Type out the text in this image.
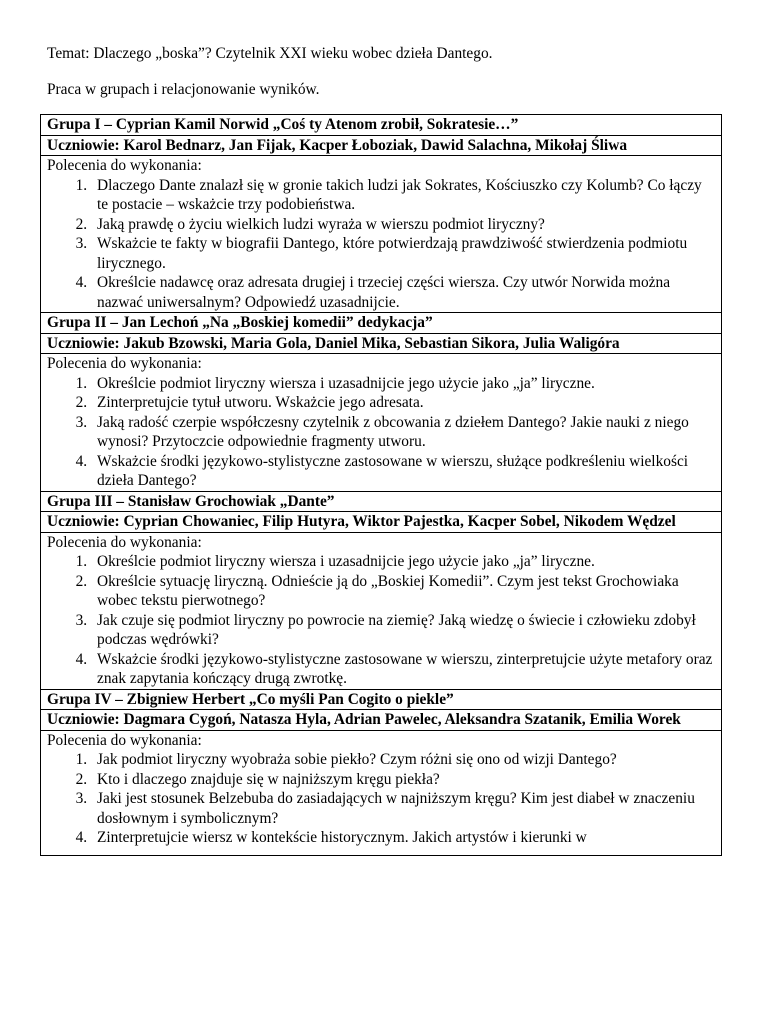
Temat: Dlaczego „boska”? Czytelnik XXI wieku wobec dzieła Dantego.
Praca w grupach i relacjonowanie wyników.
Grupa I – Cyprian Kamil Norwid „Coś ty Atenom zrobił, Sokratesie…”
Uczniowie: Karol Bednarz, Jan Fijak, Kacper Łoboziak, Dawid Salachna, Mikołaj Śliwa

Polecenia do wykonania:
1. Dlaczego Dante znalazł się w gronie takich ludzi jak Sokrates, Kościuszko czy Kolumb? Co łączy te postacie – wskażcie trzy podobieństwa.
2. Jaką prawdę o życiu wielkich ludzi wyraża w wierszu podmiot liryczny?
3. Wskażcie te fakty w biografii Dantego, które potwierdzają prawdziwość stwierdzenia podmiotu lirycznego.
4. Określcie nadawcę oraz adresata drugiej i trzeciej części wiersza. Czy utwór Norwida można nazwać uniwersalnym? Odpowiedź uzasadnijcie.

Grupa II – Jan Lechoń „Na „Boskiej komedii” dedykacja”
Uczniowie: Jakub Bzowski, Maria Gola, Daniel Mika, Sebastian Sikora, Julia Waligóra

Polecenia do wykonania:
1. Określcie podmiot liryczny wiersza i uzasadnijcie jego użycie jako „ja” liryczne.
2. Zinterpretujcie tytuł utworu. Wskażcie jego adresata.
3. Jaką radość czerpie współczesny czytelnik z obcowania z dziełem Dantego? Jakie nauki z niego wynosi? Przytoczcie odpowiednie fragmenty utworu.
4. Wskażcie środki językowo-stylistyczne zastosowane w wierszu, służące podkreśleniu wielkości dzieła Dantego?

Grupa III – Stanisław Grochowiak „Dante”
Uczniowie: Cyprian Chowaniec, Filip Hutyra, Wiktor Pajestka, Kacper Sobel, Nikodem Wędzel

Polecenia do wykonania:
1. Określcie podmiot liryczny wiersza i uzasadnijcie jego użycie jako „ja” liryczne.
2. Określcie sytuację liryczną. Odnieście ją do „Boskiej Komedii”. Czym jest tekst Grochowiaka wobec tekstu pierwotnego?
3. Jak czuje się podmiot liryczny po powrocie na ziemię? Jaką wiedzę o świecie i człowieku zdobył podczas wędrówki?
4. Wskażcie środki językowo-stylistyczne zastosowane w wierszu, zinterpretujcie użyte metafory oraz znak zapytania kończący drugą zwrotkę.

Grupa IV – Zbigniew Herbert „Co myśli Pan Cogito o piekle”
Uczniowie: Dagmara Cygoń, Natasza Hyla, Adrian Pawelec, Aleksandra Szatanik, Emilia Worek

Polecenia do wykonania:
1. Jak podmiot liryczny wyobraża sobie piekło? Czym różni się ono od wizji Dantego?
2. Kto i dlaczego znajduje się w najniższym kręgu piekła?
3. Jaki jest stosunek Belzebuba do zasiadających w najniższym kręgu? Kim jest diabeł w znaczeniu dosłownym i symbolicznym?
4. Zinterpretujcie wiersz w kontekście historycznym. Jakich artystów i kierunki w
